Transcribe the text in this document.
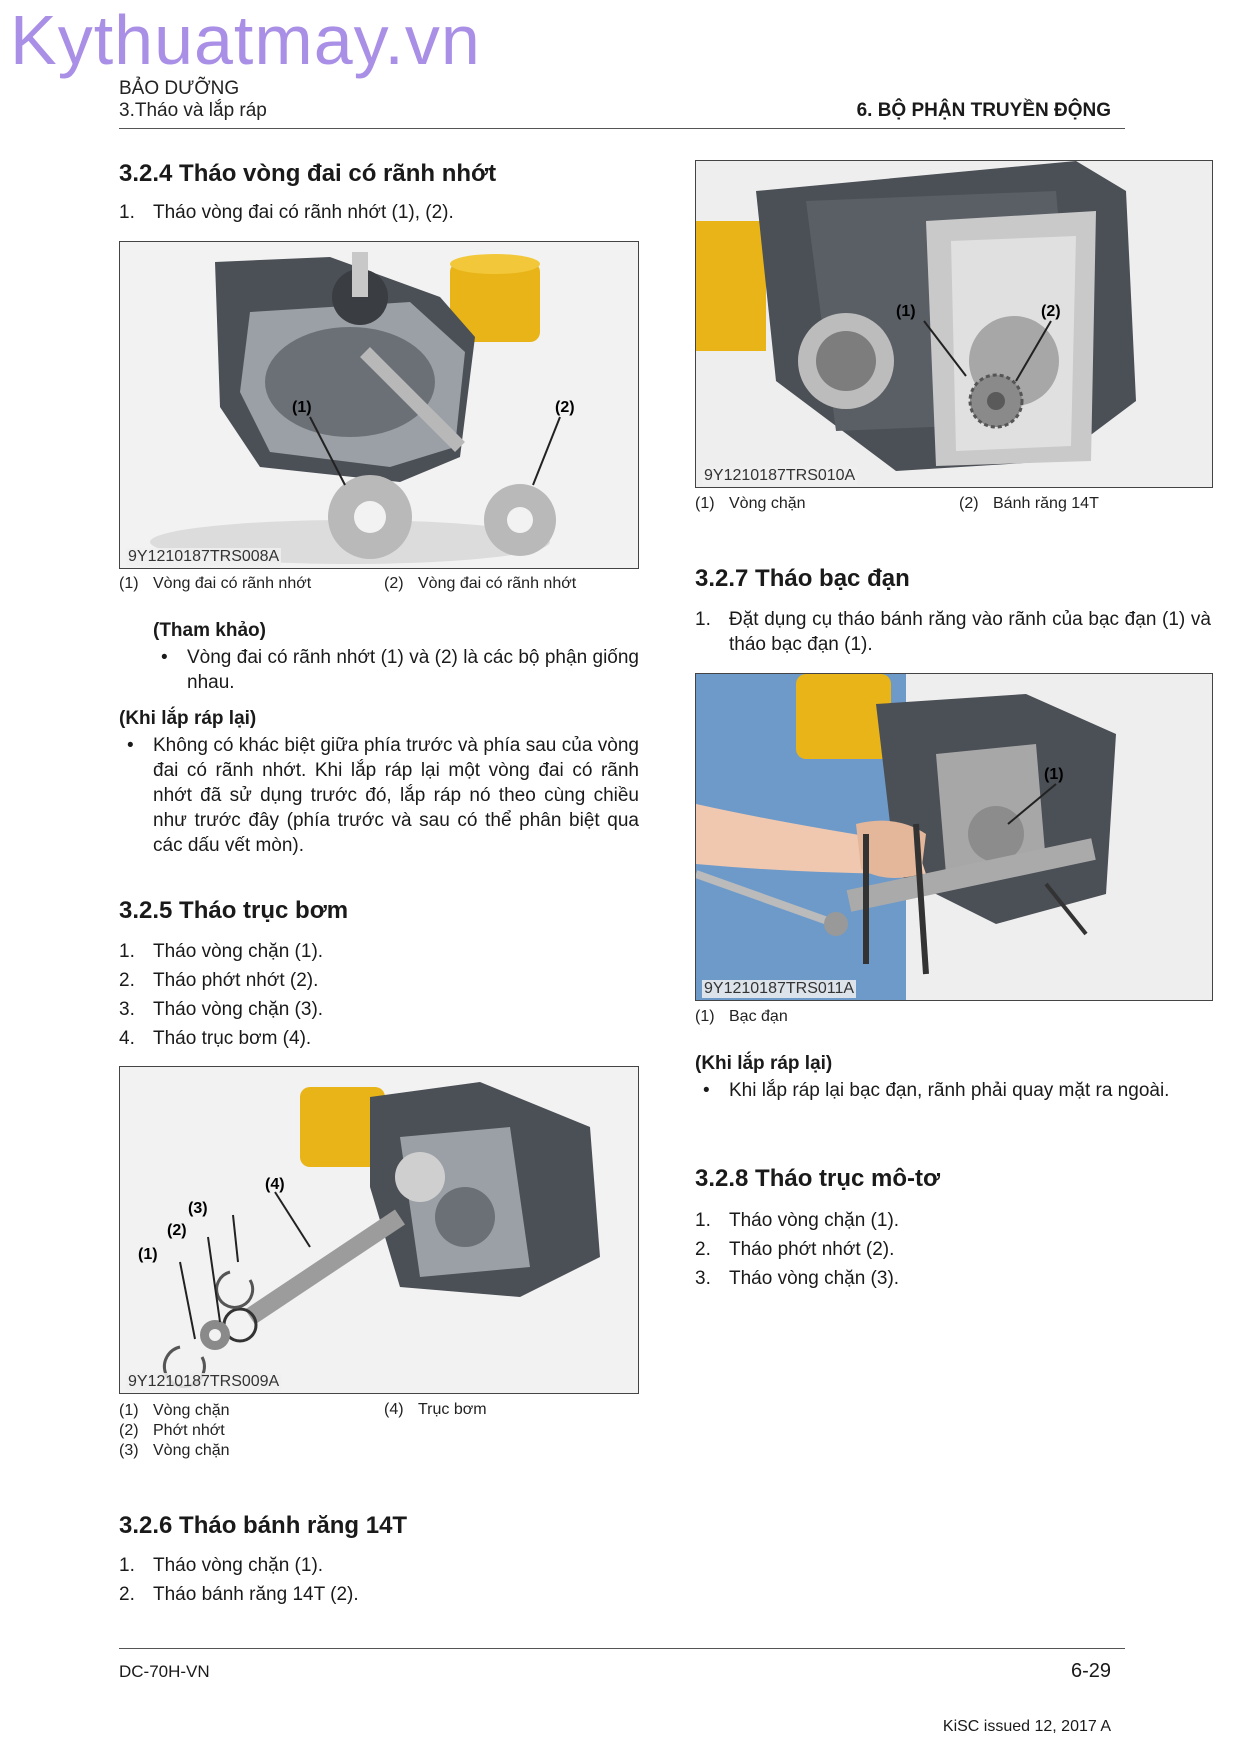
Kythuatmay.vn
BẢO DƯỠNG
3.Tháo và lắp ráp	6. BỘ PHẬN TRUYỀN ĐỘNG
3.2.4 Tháo vòng đai có rãnh nhớt
1. Tháo vòng đai có rãnh nhớt (1), (2).
(1)	(2)
9Y1210187TRS008A
(1) Vòng đai có rãnh nhớt	(2) Vòng đai có rãnh nhớt
(Tham khảo)
• Vòng đai có rãnh nhớt (1) và (2) là các bộ phận giống nhau.
(Khi lắp ráp lại)
• Không có khác biệt giữa phía trước và phía sau của vòng đai có rãnh nhớt. Khi lắp ráp lại một vòng đai có rãnh nhớt đã sử dụng trước đó, lắp ráp nó theo cùng chiều như trước đây (phía trước và sau có thể phân biệt qua các dấu vết mòn).
3.2.5 Tháo trục bơm
1. Tháo vòng chặn (1).
2. Tháo phớt nhớt (2).
3. Tháo vòng chặn (3).
4. Tháo trục bơm (4).
(1)
(2)
(3)
(4)
9Y1210187TRS009A
(1) Vòng chặn
(2) Phớt nhớt
(3) Vòng chặn
(4) Trục bơm
3.2.6 Tháo bánh răng 14T
1. Tháo vòng chặn (1).
2. Tháo bánh răng 14T (2).
(1)	(2)
9Y1210187TRS010A
(1) Vòng chặn	(2) Bánh răng 14T
3.2.7 Tháo bạc đạn
1. Đặt dụng cụ tháo bánh răng vào rãnh của bạc đạn (1) và tháo bạc đạn (1).
(1)
9Y1210187TRS011A
(1) Bạc đạn
(Khi lắp ráp lại)
• Khi lắp ráp lại bạc đạn, rãnh phải quay mặt ra ngoài.
3.2.8 Tháo trục mô-tơ
1. Tháo vòng chặn (1).
2. Tháo phớt nhớt (2).
3. Tháo vòng chặn (3).
DC-70H-VN	6-29
KiSC issued 12, 2017 A
